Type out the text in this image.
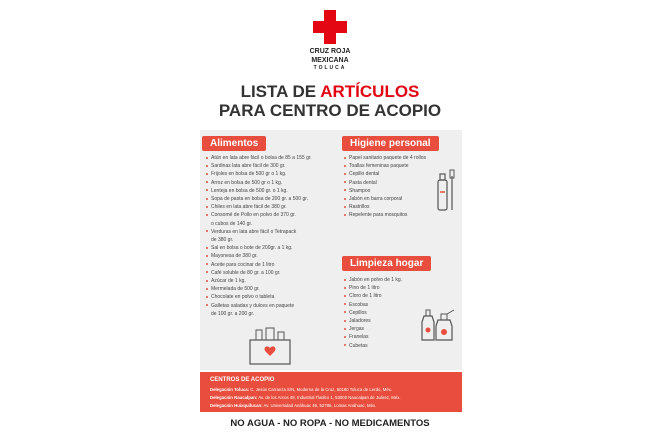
CRUZ ROJA
MEXICANA
TOLUCA
LISTA DE ARTÍCULOS
PARA CENTRO DE ACOPIO
Alimentos
Atún en lata abre fácil o bolsa de 85 a 155 gr.
Sardinas lata abre fácil de 300 gr.
Frijoles en bolsa de 500 gr o 1 kg.
Arroz en bolsa de 500 gr o 1 kg.
Lenteja en bolsa de 500 gr. o 1 kg.
Sopa de pasta en bolsa de 200 gr. a 500 gr.
Chiles en lata abre fácil de 380 gr.
Consomé de Pollo en polvo de 370 gr.
o cubos de 140 gr.
Verduras en lata abre fácil o Tetrapack
de 380 gr.
Sal en bolsa o bote de 200gr. a 1 kg.
Mayonesa de 380 gr.
Aceite para cocinar de 1 litro
Café soluble de 80 gr. a 100 gr.
Azúcar de 1 kg.
Mermelada de 500 gr.
Chocolate en polvo o tableta
Galletas saladas y dulces en paquete
de 100 gr. a 200 gr.
Higiene personal
Papel sanitario paquete de 4 rollos
Toallas femeninas paquete
Cepillo dental
Pasta dental
Shampoo
Jabón en barra corporal
Rastrillos
Repelente para mosquitos
Limpieza hogar
Jabón en polvo de 1 kg.
Pino de 1 litro
Cloro de 1 litro
Escobas
Cepillos
Jaladores
Jergas
Franelas
Cubetas
CENTROS DE ACOPIO
Delegación Toluca: C. Jesús Carranza S/N, Moderna de la Cruz, 50180 Toluca de Lerdo, Méx.
Delegación Naucalpan: Av. de los Arcos 48, Industrial Tlatilco 1, 53000 Naucalpan de Juárez, Méx.
Delegación Huixquilucan: Av. Universidad Anáhuac 46, 52786, Lomas Anáhuac, Méx.
NO AGUA - NO ROPA - NO MEDICAMENTOS
